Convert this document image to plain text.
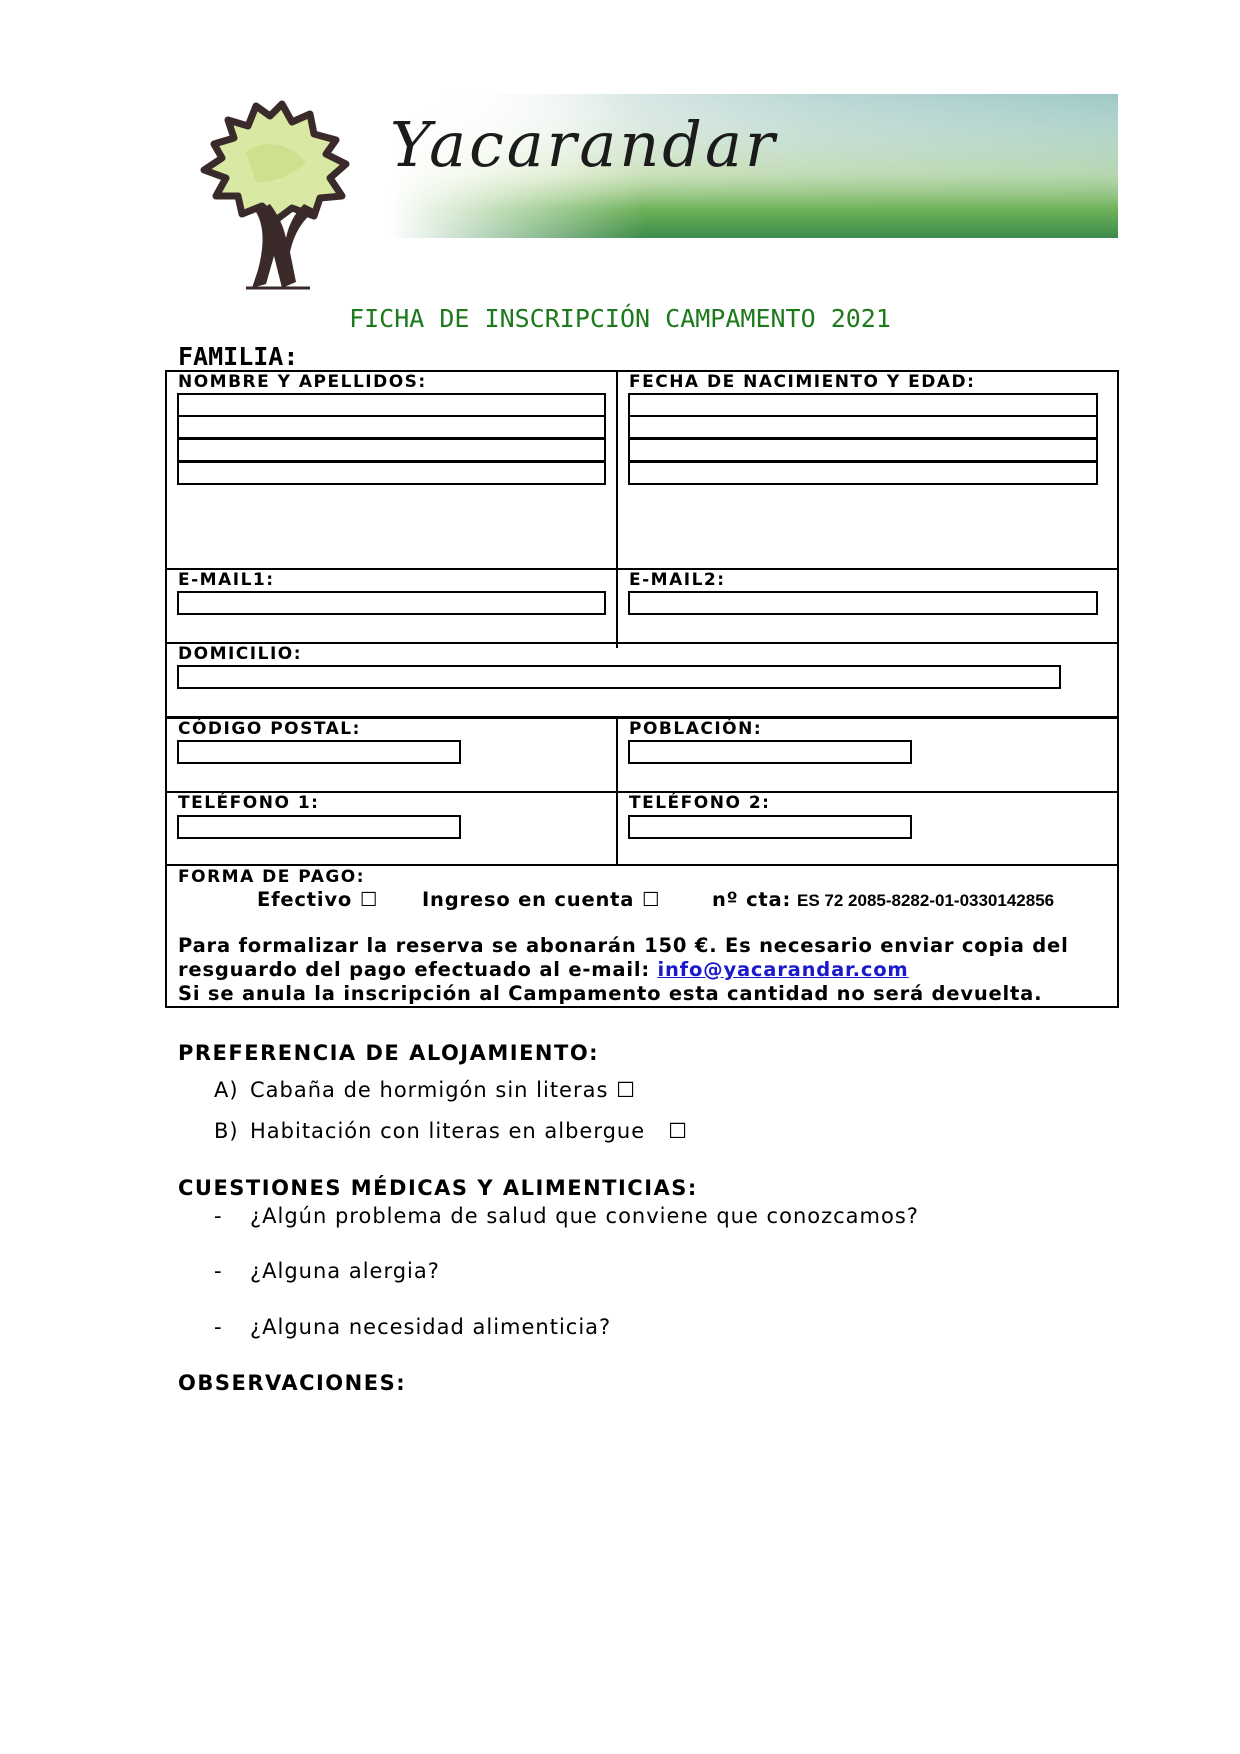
Yacarandar
FICHA DE INSCRIPCIÓN CAMPAMENTO 2021
FAMILIA:
NOMBRE Y APELLIDOS:	FECHA DE NACIMIENTO Y EDAD:
E-MAIL1:	E-MAIL2:
DOMICILIO:
CÓDIGO POSTAL:	POBLACIÓN:
TELÉFONO 1:	TELÉFONO 2:
FORMA DE PAGO:
Efectivo ☐ Ingreso en cuenta ☐	nº cta: ES 72 2085-8282-01-0330142856
Para formalizar la reserva se abonarán 150 €. Es necesario enviar copia del
resguardo del pago efectuado al e-mail: info@yacarandar.com
Si se anula la inscripción al Campamento esta cantidad no será devuelta.
PREFERENCIA DE ALOJAMIENTO:
A) Cabaña de hormigón sin literas ☐
B) Habitación con literas en albergue   ☐
CUESTIONES MÉDICAS Y ALIMENTICIAS:
- ¿Algún problema de salud que conviene que conozcamos?
- ¿Alguna alergia?
- ¿Alguna necesidad alimenticia?
OBSERVACIONES:
